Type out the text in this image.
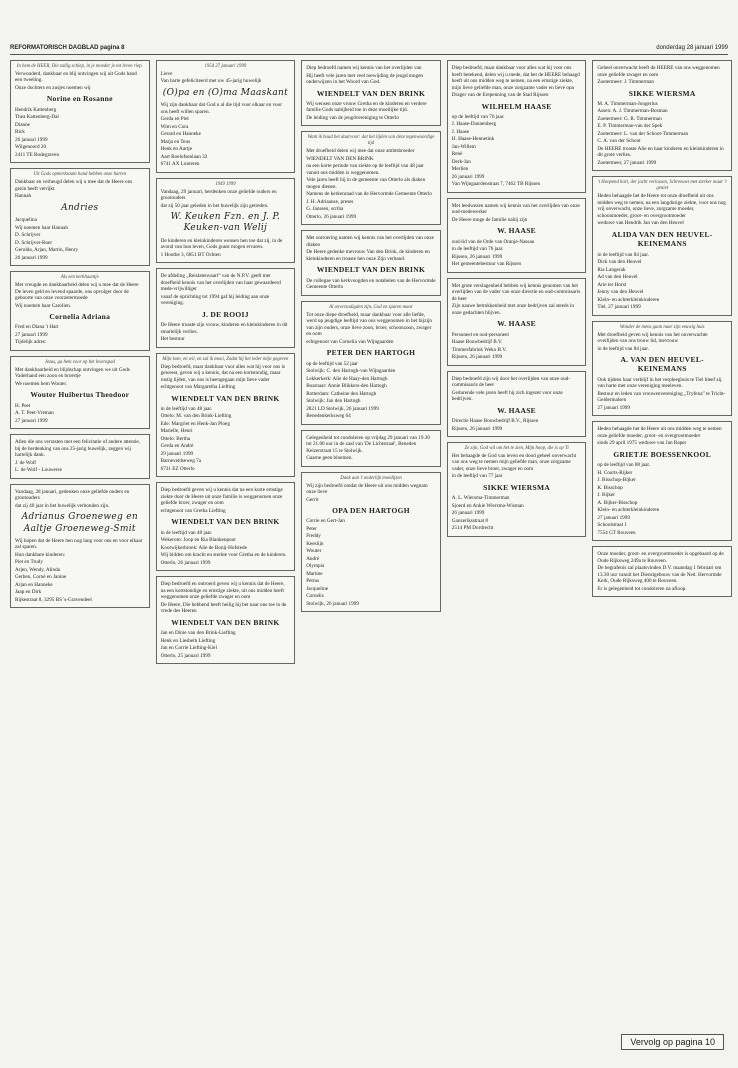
REFORMATORISCH DAGBLAD pagina 8	donderdag 28 januari 1999
In hem de HEER, Die zallig schiep, in je moeder je tot leven riep.
Verwonderd, dankbaar en blij ontvingen wij uit Gods hand een tweeling.
Onze dochters en zusjes noemen wij
Norine en Rosanne
Hendrik Kattenberg
Thea Kattenberg-Dal
Dianne
Rick
26 januari 1999
Wilgenoord 20
2411 TE Bodegraven
Uit Gods opmerkzaam hand hebben onze harten
Dankbaar en verheugd delen wij u mee dat de Heere ons gezin heeft verrijkt
Hannah
Andries
Jacquelina
Wij noemen haar Hannah
D. Schrijver
D. Schrijver-Boer
Gerolda, Arjan, Martin, Henry
26 januari 1999
Als een kerkhaantje
Met vreugde en dankbaarheid delen wij u mee dat de Heere De leven geld en levend spaarde, ons opvolger door de geboorte van onze voorzetermoede
Wij noemen haar Carolien.
Cornelia Adriana
Fred en Diana 't Hart
27 januari 1999
Tijdelijk adres:
Jezus, ga hem voor op het levenspad
Met dankbaarheid en blijdschap ontvingen we uit Gods Vaderhand een zoon en broertje
We noemen hem Wouter.
Wouter Huibertus Theodoor
H. Peet
A. T. Peet-Vreman
27 januari 1999
Allen die ons verrasten met een felicitatie of andere attentie, bij de herdenking van ons 25-jarig huwelijk, zeggen wij hartelijk dank.
J. de Wolf
L. de Wolf - Louwerse
Vandaag, 28 januari, gedenken onze geliefde ouders en grootouders
dat zij 40 jaar in het huwelijk verbonden zijn.
Adrianus Groeneweg en Aaltje Groeneweg-Smit
Wij hopen dat de Heere hen nog lang voor ons en voor elkaar zal sparen.
Hun dankbare kinderen:
Piet en Trudy
Arjen, Wendy, Alinda
Gerben, Corné en Janine
Arjan en Hanneke
Jaap en Dirk
Rijkestraat 8, 3295 BS 's-Gravendeel
1954 27 januari 1999
Lieve
Van harte gefeliciteerd met uw 45-jarig huwelijk
(O)pa en (O)ma Maaskant
Wij zijn dankbaar dat God u al die tijd voor elkaar en voor ons heeft willen sparen.
Gerda en Piet
Wim en Cora
Gerard en Hanneke
Marja en Teus
Henk en Aartje
Aart Roelofsenlaan 33
6741 AX Lunteren
1949 1999
Vandaag, 29 januari, herdenken onze geliefde ouders en grootouders
dat zij 50 jaar geleden in het huwelijk zijn getreden.
W. Keuken Fzn. en J. P. Keuken-van Welij
De kinderen en kleinkinderen wensen hen toe dat zij, in de avond van hun leven, Gods gunst mogen ervaren.
1 Houthe 3, 6851 BT Ochten
De afdeling „Reislatenvaart” van de N.P.V. geeft met droefheid kennis van het overlijden van haar gewaardeerd mede-vrijwilliger
vanaf de oprichting tot 1994 gaf hij leiding aan onze vereniging.
J. DE ROOIJ
De Heere troaste zijn vrouw, kinderen en kleinkinderen in dit smartelijk verlies.
Het bestuur
Mijn kom, en wil, en zal ik mooi, Zodat hij het ieder mijn gegeven
Diep bedroefd, maar dankbaar voor alles wat hij voor ons is geweest, geven wij u kennis, dat na een kortstondig, maar rustig lijden, van ons is heengegaan mijn lieve vader
echtgenoot van Margaretha Liefting
WIENDELT VAN DEN BRINK
in de leeftijd van 48 jaar.
Ottelo: M. van den Brink-Liefting
Ede: Margriet en Henk-Jan Ploeg
Marielle, Henri
Ottelo: Bertha
Gerda en André
29 januari 1999
Barneveldseweg 7a
6731 EZ Otterlo
Diep bedroefd geven wij u kennis dat na een korte ernstige ziekte door de Heere uit onze familie is weggenomen onze geliefde broer, zwager en oom
echtgenoot van Gretha Liefting
WIENDELT VAN DEN BRINK
in de leeftijd van 48 jaar.
Wekerom: Joop en Ria Blankenpoor
Kootwijkerbroek: Alie de Bonij-Hofstede
Wij bidden om kracht en sterkte voor Gretha en de kinderen.
Otterlo, 26 januari 1999
Diep bedroefd en ontroerd geven wij u kennis dat de Heere, na een kortstondige en ernstige ziekte, uit ons midden heeft weggenomen onze geliefde zwager en oom
De Heere, Die hebbend heeft heilig hij bet naar ons toe in de vrede des Heeren
WIENDELT VAN DEN BRINK
Jan en Dinie van den Brink-Liefting
Henk en Liesbeth Liefting
Jan en Corrie Liefting-Kiel
Otterlo, 25 januari 1999
Diep bedroefd namen wij kennis van het overlijden van
Hij heeft vele jaren met veel toewijding de jeugd mogen onderwijzen in het Woord van God.
WIENDELT VAN DEN BRINK
Wij wensen onze vrouw Gretha en de kinderen en verdere familie Gods nabijheid toe in deze moeilijke tijd.
De leiding van de jeugdvereniging te Otterlo
Want ik houd het daarvoor: dat het lijden van deze tegenwoordige tijd
Met droefheid delen wij mee dat onze ambtsbroeder
WIENDELT VAN DEN BRINK
na een korte periode van ziekte op de leeftijd van 48 jaar vanuit ons midden is weggenomen.
Vele jaren heeft hij in de gemeente van Otterlo als diaken mogen dienen.
Namens de kerkenraad van de Hervormde Gemeente Otterlo
J. H. Adriaanse, preses
G. Janssen, scriba
Otterlo, 26 januari 1999
Met ontroering namen wij kennis van het overlijden van onze diaken
De Heere gedenke mevrouw Van den Brink, de kinderen en kleinkinderen en troaste hen onze Zijn verband.
WIENDELT VAN DEN BRINK
De collegae van kerkvoogden en notabelen van de Hervormde Gemeente Otterlo
Al onverzadigden zijn, God en sparen maar
Tot onze diepe droefheid, maar dankbaar voor alle liefde, werd op jeugdige leeftijd van ons weggenomen in het bijzijn van zijn ouders, onze lieve zoon, broer, schoonzoon, zwager en oom
echtgenoot van Cornelia van Wijngaarden
PETER DEN HARTOGH
op de leeftijd van 52 jaar
Stolwijk: C. den Hartogh-van Wijngaarden
Lekkerkerk: Alie de Haay-den Hartogh
Boarnaar: Annie Blikkers-den Hartogh
Rotterdam: Catheine den Hartogh
Stolwijk: Jan den Hartogh
2821 LD Stolwijk, 26 januari 1999
Benedenkerksweg 64
Gelegenheid tot condoleren op vrijdag 29 januari van 19.30 tot 21.00 uur in de zaal van 'De Lichtstraal', Beneden Keizerstraat 15 te Stolwijk.
Gaarne geen bloemen.
Dank aan 't onderlijk moedijzen
Wij zijn bedroefd omdat de Heere uit ons midden wegnam onze lieve
Gerrit
OPA DEN HARTOGH
Corrie en Gert-Jan
Peter
Freddy
Keeslijn
Wouter
André
Olympia
Martine
Petrus
Jacqueline
Cornelis
Stolwijk, 26 januari 1999
Diep bedroefd, maar dankbaar voor alles wat hij voor ons heeft betekend, delen wij u mede, dat het de HEERE behaagd heeft uit ons midden weg te nemen, na een ernstige ziekte, mijn lieve geliefde man, onze zorgzame vader en lieve opa
Drager van de Erepenning van de Stad Rijssen
WILHELM HAASE
op de leeftijd van 76 jaar.
J. Haase-Dannenberg
J. Haase
H. Haase-Hennetink
Jan-Willem
René
Derk-Jan
Merlien
26 januari 1999
Van Wijngaardenstraat 7, 7462 TB Rijssen
Met leedwezen namen wij kennis van het overlijden van onze oud-medewerker
De Heere moge de familie nabij zijn
W. HAASE
oud-lid van de Orde van Oranje-Nassau
in de leeftijd van 76 jaar.
Rijssen, 26 januari 1999
Het gemeentebestuur van Rijssen
Met grote verslagenheid hebben wij kennis genomen van het overlijden van de vader van onze directie en oud-commissaris de heer
Zijn nauwe betrokkenheid met onze bedrijven zal steeds in onze gedachten blijven.
W. HAASE
Personeel en oud-personeel
Haase Bouwbedrijf B.V.
Timmerfabriek Weko B.V.
Rijssen, 26 januari 1999
Diep bedroefd zijn wij door het overlijden van onze oud-commissaris de heer
Gedurende vele jaren heeft hij zich ingezet voor onze bedrijven.
W. HAASE
Directie Haase Bouwbedrijf B.V., Rijssen
Rijssen, 26 januari 1999
Ze zijn, God wil om het te zien, Mijn hoop, die is op Ti
Het behaagde de God van leven en dood geheel onverwacht van ons weg te nemen mijn geliefde man, onze zorgzame vader, onze lieve broer, zwager en oom
in de leeftijd van 77 jaar
SIKKE WIERSMA
A. L. Wiersma-Timmerman
Sjoerd en Ankie Wiersma-Wisman
26 januari 1999
Ganzeriksstraat 8
2514 PM Dordrecht
Geheel onverwacht heeft de HEERE van ons weggenomen onze geliefde zwager en oom
Zoetermeer: J. Timmerman
SIKKE WIERSMA
M. A. Timmerman-Jongerius
Assen: A. J. Timmerman-Bosman
Zoetermeer: G. R. Timmerman
E. P. Timmerman-van der Spek
Zoetermeer: L. van der Schoot-Timmerman
C. A. van der Schoot
De HEERE troaste Alie en haar kinderen en kleinkinderen in dit grote verlies.
Zoetermeer, 27 januari 1999
't Hoopend hart, der jacht verlossen, Schreeuwt met sterker maar 't geniet
Heden behaagde het de Heere tot onze droefheid uit ons midden weg te nemen, na een langdurige ziekte, voor ons nog vrij onverwacht, onze lieve, zorgzame moeder, schoonmoeder, groot- en overgrootmoeder
weduwe van Hendrik Jan van den Heuvel
ALIDA VAN DEN HEUVEL-KEINEMANS
in de leeftijd van 84 jaar.
Dick van den Heuvel
Ria Langerak
Ad van den Heuvel
Arie ter Horst
Jenny van den Heuvel
Klein- en achterkleinkinderen
Tiel, 27 januari 1999
Wonder de mens gaan naar zijn eeuwig huis
Met droefheid geven wij kennis van het onverwachte overlijden van ons trouw lid, mevrouw
in de leeftijd van 84 jaar.
A. VAN DEN HEUVEL-KEINEMANS
Ook tijdens haar verblijf in het verpleeghuis te Tiel bleef zij van harte met onze vereniging meeleven.
Bestuur en leden van vrouwenvereniging „Tryfena” te Tricht-Geldermalsen
27 januari 1999
Heden behaagde het de Heere uit ons midden weg te nemen onze geliefde moeder, groot- en overgrootmoeder
sinds 29 april 1975 weduwe van Jan Raper
GRIETJE BOESSENKOOL
op de leeftijd van 88 jaar.
H. Courts-Rijker
J. Bisschop-Bijker
K. Bisschop
J. Bijker
A. Bijker-Bisschop
Klein- en achterkleinkinderen
27 januari 1999
Schoolstraat 1
7554 GT Rouveen
Onze moeder, groot- en overgrootmoeder is opgebaard op de Oude Rijksweg 249a te Rouveen.
De begrafenis zal plaatsvinden D.V. maandag 1 februari om 13.30 uur vanuit het Dienstgebouw van de Ned. Hervormde Kerk, Oude Rijksweg 400 te Rouveen.
Er is gelegenheid tot condoleren na afloop.
Vervolg op pagina 10
